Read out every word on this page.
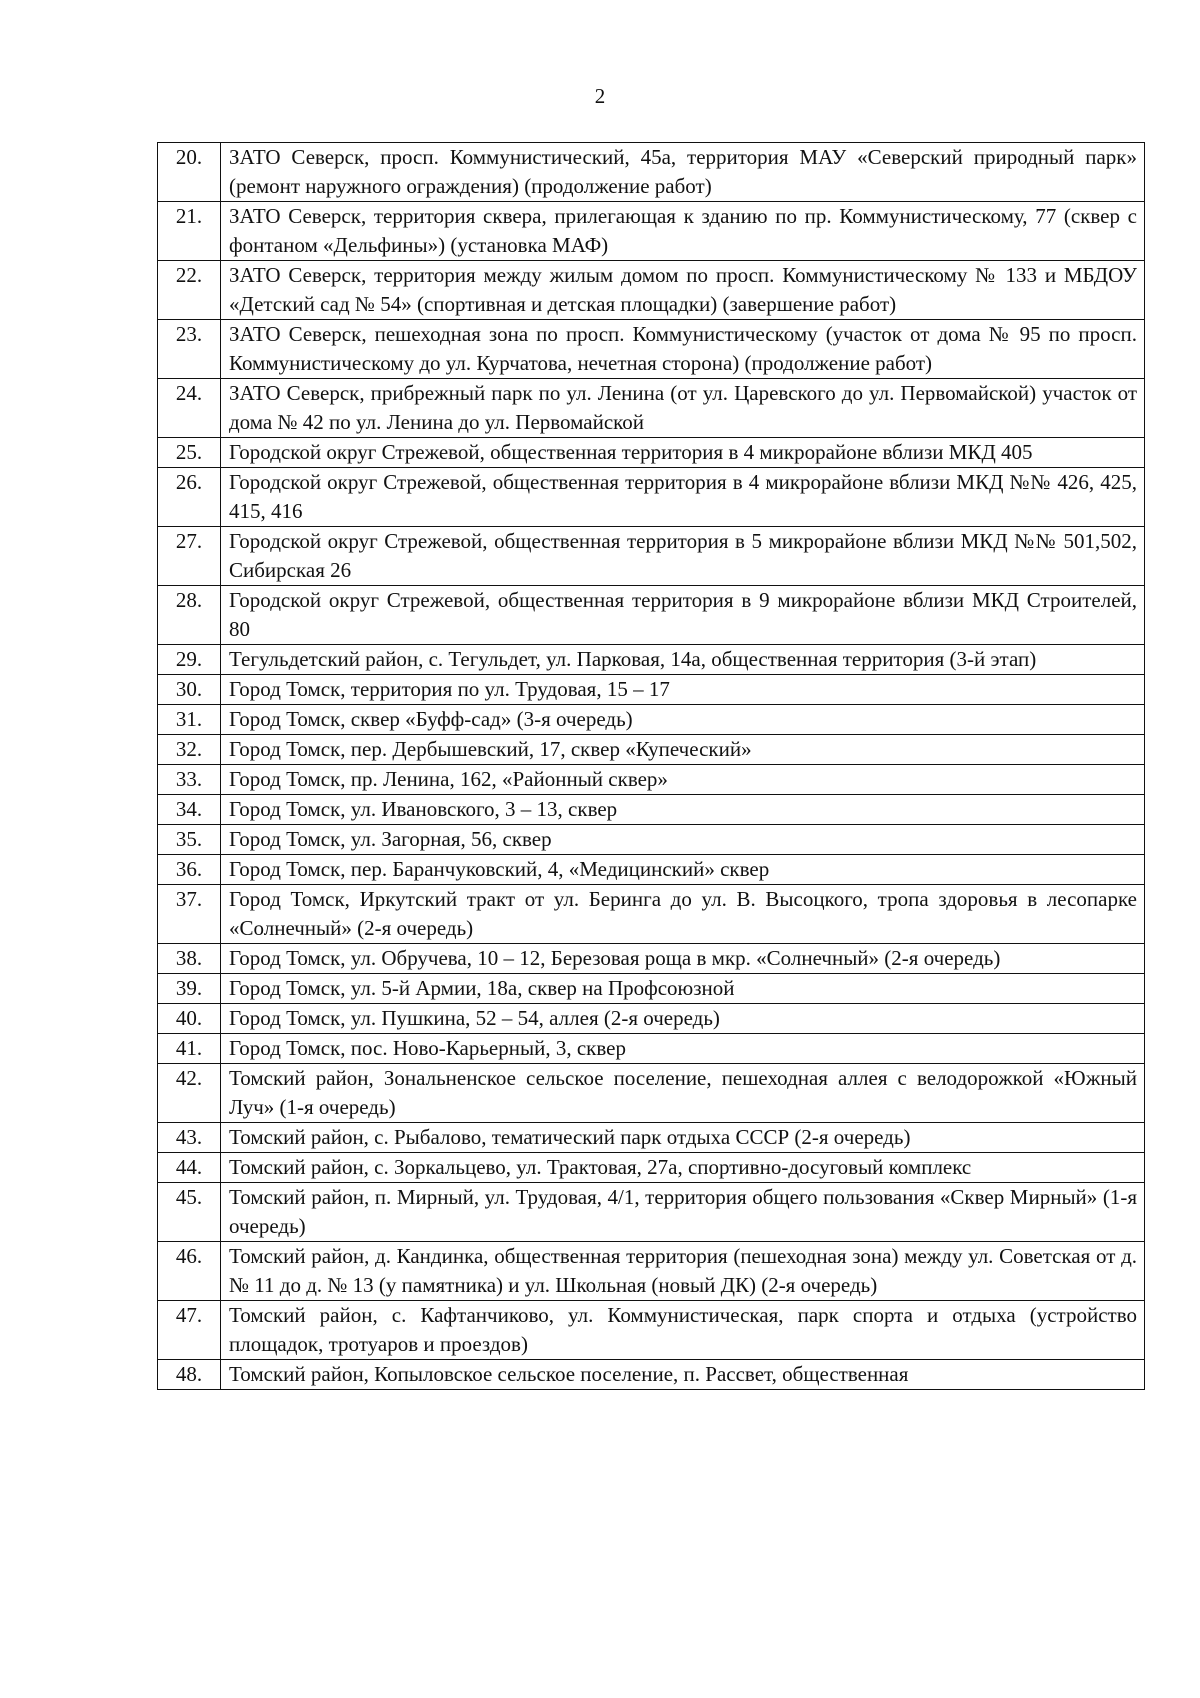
2
20.	ЗАТО Северск, просп. Коммунистический, 45а, территория МАУ «Северский природный парк» (ремонт наружного ограждения) (продолжение работ)
21.	ЗАТО Северск, территория сквера, прилегающая к зданию по пр. Коммунистическому, 77 (сквер с фонтаном «Дельфины») (установка МАФ)
22.	ЗАТО Северск, территория между жилым домом по просп. Коммунистическому № 133 и МБДОУ «Детский сад № 54» (спортивная и детская площадки) (завершение работ)
23.	ЗАТО Северск, пешеходная зона по просп. Коммунистическому (участок от дома № 95 по просп. Коммунистическому до ул. Курчатова, нечетная сторона) (продолжение работ)
24.	ЗАТО Северск, прибрежный парк по ул. Ленина (от ул. Царевского до ул. Первомайской) участок от дома № 42 по ул. Ленина до ул. Первомайской
25.	Городской округ Стрежевой, общественная территория в 4 микрорайоне вблизи МКД 405
26.	Городской округ Стрежевой, общественная территория в 4 микрорайоне вблизи МКД №№ 426, 425, 415, 416
27.	Городской округ Стрежевой, общественная территория в 5 микрорайоне вблизи МКД №№ 501,502, Сибирская 26
28.	Городской округ Стрежевой, общественная территория в 9 микрорайоне вблизи МКД Строителей, 80
29.	Тегульдетский район, с. Тегульдет, ул. Парковая, 14а, общественная территория (3-й этап)
30.	Город Томск, территория по ул. Трудовая, 15 – 17
31.	Город Томск, сквер «Буфф-сад» (3-я очередь)
32.	Город Томск, пер. Дербышевский, 17, сквер «Купеческий»
33.	Город Томск, пр. Ленина, 162, «Районный сквер»
34.	Город Томск, ул. Ивановского, 3 – 13, сквер
35.	Город Томск, ул. Загорная, 56, сквер
36.	Город Томск, пер. Баранчуковский, 4, «Медицинский» сквер
37.	Город Томск, Иркутский тракт от ул. Беринга до ул. В. Высоцкого, тропа здоровья в лесопарке «Солнечный» (2-я очередь)
38.	Город Томск, ул. Обручева, 10 – 12, Березовая роща в мкр. «Солнечный» (2-я очередь)
39.	Город Томск, ул. 5-й Армии, 18а, сквер на Профсоюзной
40.	Город Томск, ул. Пушкина, 52 – 54, аллея (2-я очередь)
41.	Город Томск, пос. Ново-Карьерный, 3, сквер
42.	Томский район, Зональненское сельское поселение, пешеходная аллея с велодорожкой «Южный Луч» (1-я очередь)
43.	Томский район, с. Рыбалово, тематический парк отдыха СССР (2-я очередь)
44.	Томский район, с. Зоркальцево, ул. Трактовая, 27а, спортивно-досуговый комплекс
45.	Томский район, п. Мирный, ул. Трудовая, 4/1, территория общего пользования «Сквер Мирный» (1-я очередь)
46.	Томский район, д. Кандинка, общественная территория (пешеходная зона) между ул. Советская от д. № 11 до д. № 13 (у памятника) и ул. Школьная (новый ДК) (2-я очередь)
47.	Томский район, с. Кафтанчиково, ул. Коммунистическая, парк спорта и отдыха (устройство площадок, тротуаров и проездов)
48.	Томский район, Копыловское сельское поселение, п. Рассвет, общественная
